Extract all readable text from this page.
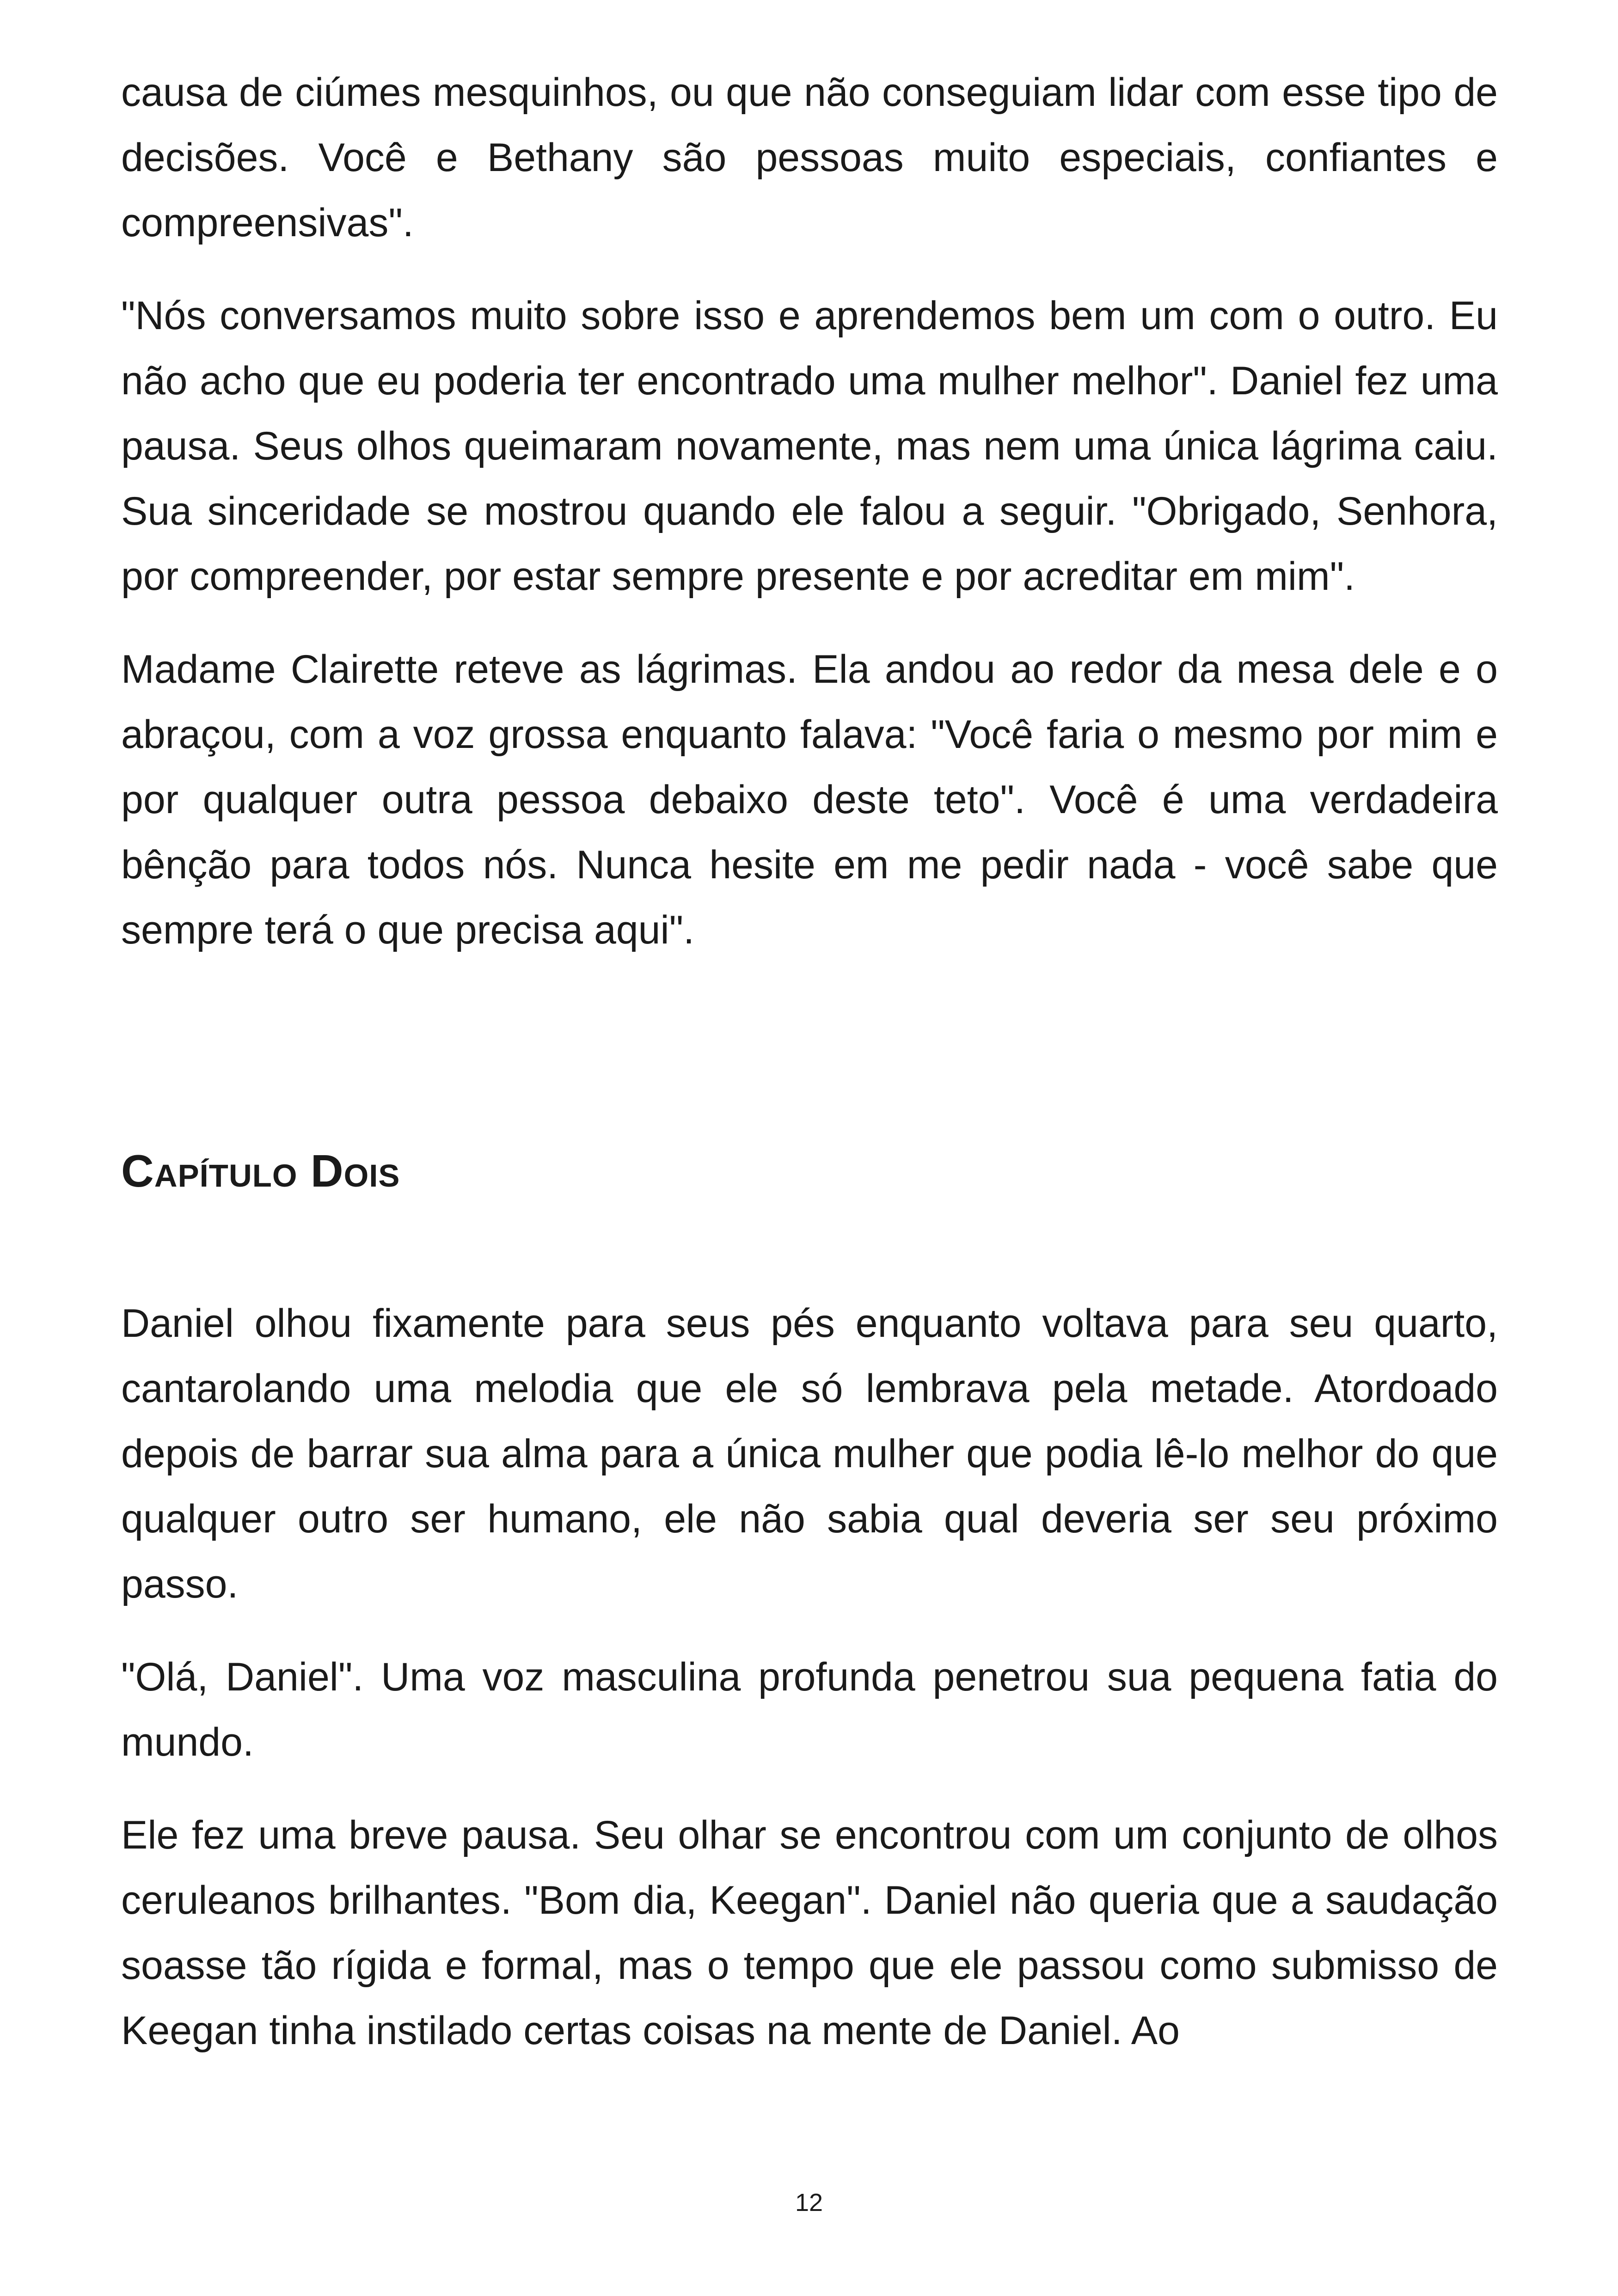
causa de ciúmes mesquinhos, ou que não conseguiam lidar com esse tipo de decisões. Você e Bethany são pessoas muito especiais, confiantes e compreensivas".

"Nós conversamos muito sobre isso e aprendemos bem um com o outro. Eu não acho que eu poderia ter encontrado uma mulher melhor". Daniel fez uma pausa. Seus olhos queimaram novamente, mas nem uma única lágrima caiu. Sua sinceridade se mostrou quando ele falou a seguir. "Obrigado, Senhora, por compreender, por estar sempre presente e por acreditar em mim".

Madame Clairette reteve as lágrimas. Ela andou ao redor da mesa dele e o abraçou, com a voz grossa enquanto falava: "Você faria o mesmo por mim e por qualquer outra pessoa debaixo deste teto". Você é uma verdadeira bênção para todos nós. Nunca hesite em me pedir nada - você sabe que sempre terá o que precisa aqui".

Capítulo Dois

Daniel olhou fixamente para seus pés enquanto voltava para seu quarto, cantarolando uma melodia que ele só lembrava pela metade. Atordoado depois de barrar sua alma para a única mulher que podia lê-lo melhor do que qualquer outro ser humano, ele não sabia qual deveria ser seu próximo passo.

"Olá, Daniel". Uma voz masculina profunda penetrou sua pequena fatia do mundo.

Ele fez uma breve pausa. Seu olhar se encontrou com um conjunto de olhos ceruleanos brilhantes. "Bom dia, Keegan". Daniel não queria que a saudação soasse tão rígida e formal, mas o tempo que ele passou como submisso de Keegan tinha instilado certas coisas na mente de Daniel. Ao

12
